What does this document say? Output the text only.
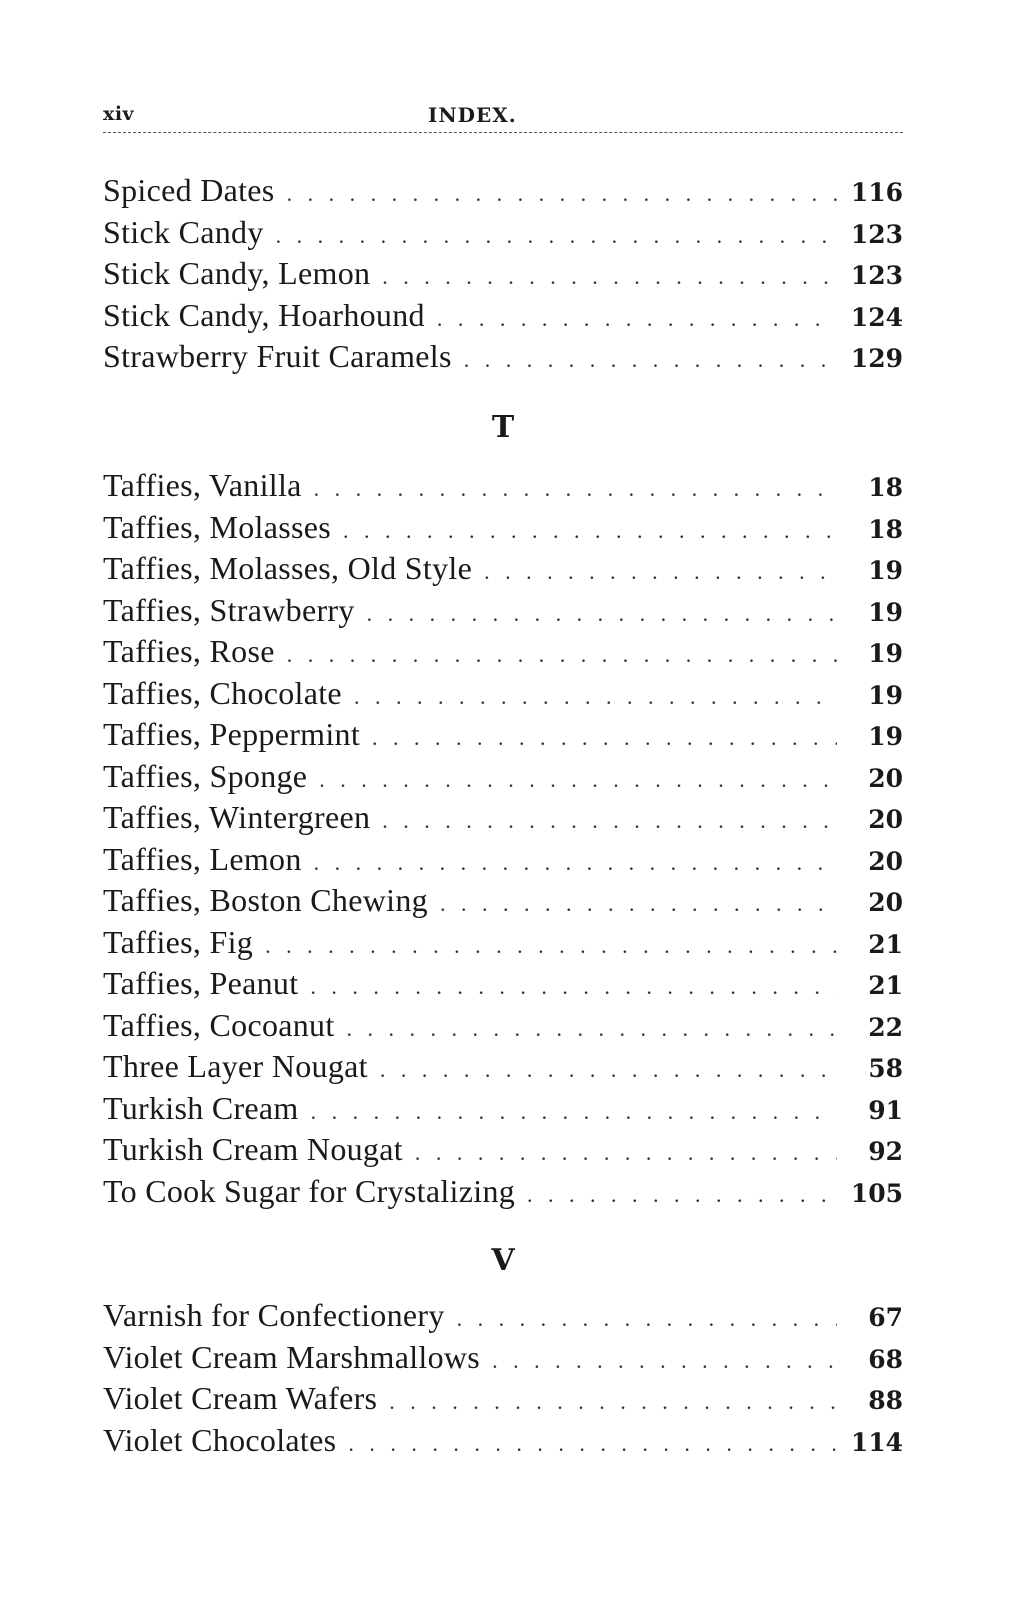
xiv	INDEX.
Spiced Dates . . .	116
Stick Candy . . .	123
Stick Candy, Lemon . . .	123
Stick Candy, Hoarhound . . .	124
Strawberry Fruit Caramels . . .	129
T
Taffies, Vanilla . . .	18
Taffies, Molasses . . .	18
Taffies, Molasses, Old Style . . .	19
Taffies, Strawberry . . .	19
Taffies, Rose . . .	19
Taffies, Chocolate . . .	19
Taffies, Peppermint . . .	19
Taffies, Sponge . . .	20
Taffies, Wintergreen . . .	20
Taffies, Lemon . . .	20
Taffies, Boston Chewing . . .	20
Taffies, Fig . . .	21
Taffies, Peanut . . .	21
Taffies, Cocoanut . . .	22
Three Layer Nougat . . .	58
Turkish Cream . . .	91
Turkish Cream Nougat . . .	92
To Cook Sugar for Crystalizing . . .	105
V
Varnish for Confectionery . . .	67
Violet Cream Marshmallows . . .	68
Violet Cream Wafers . . .	88
Violet Chocolates . . .	114
